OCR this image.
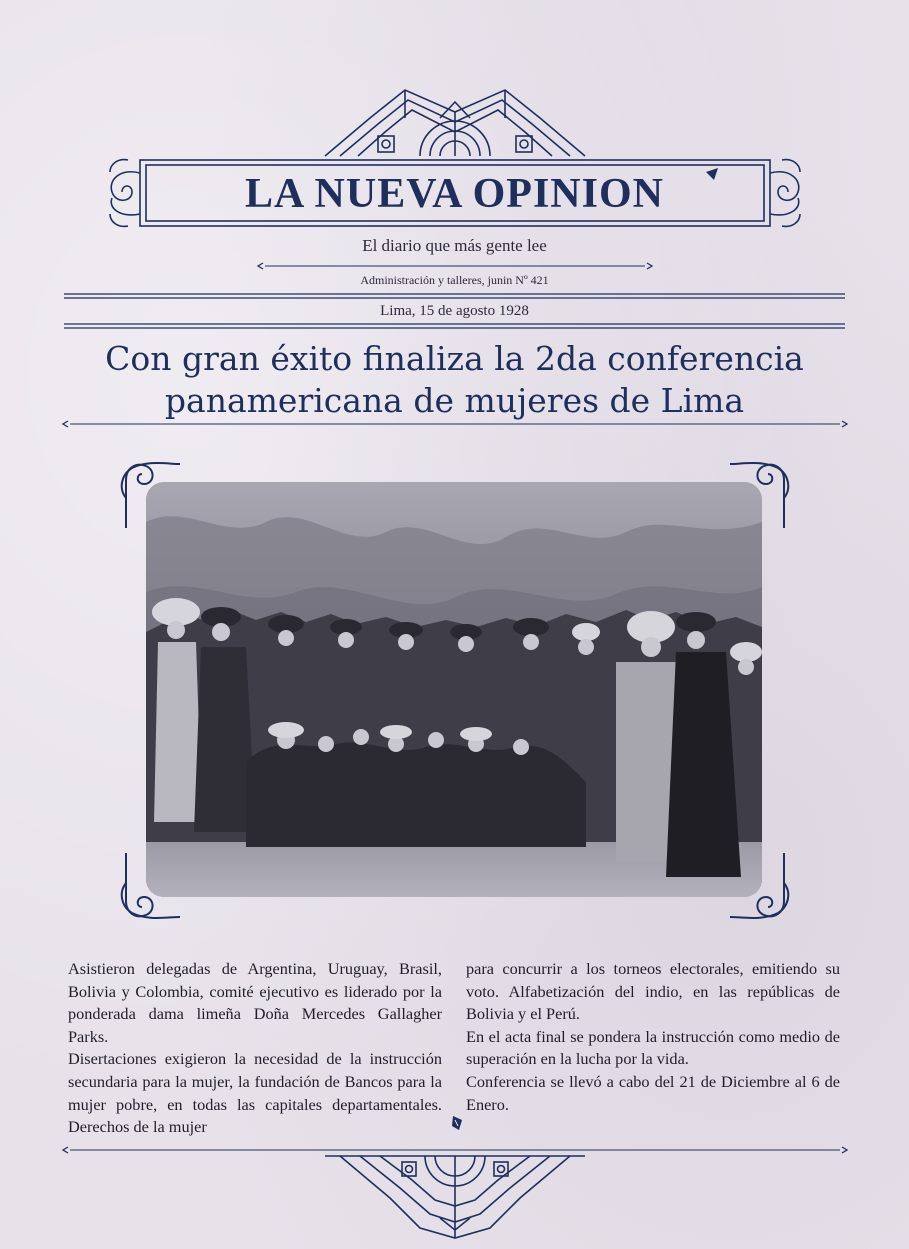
LA NUEVA OPINION
El diario que más gente lee
Administración y talleres, junin Nº 421
Lima, 15 de agosto 1928
Con gran éxito finaliza la 2da conferencia
panamericana de mujeres de Lima

Asistieron delegadas de Argentina, Uruguay, Brasil, Bolivia y Colombia, comité ejecutivo es liderado por la ponderada dama limeña Doña Mercedes Gallagher Parks.

Disertaciones exigieron la necesidad de la instrucción secundaria para la mujer, la fundación de Bancos para la mujer pobre, en todas las capitales departamentales. Derechos de la mujer

para concurrir a los torneos electorales, emitiendo su voto. Alfabetización del indio, en las repúblicas de Bolivia y el Perú.

En el acta final se pondera la instrucción como medio de superación en la lucha por la vida.

Conferencia se llevó a cabo del 21 de Diciembre al 6 de Enero.
